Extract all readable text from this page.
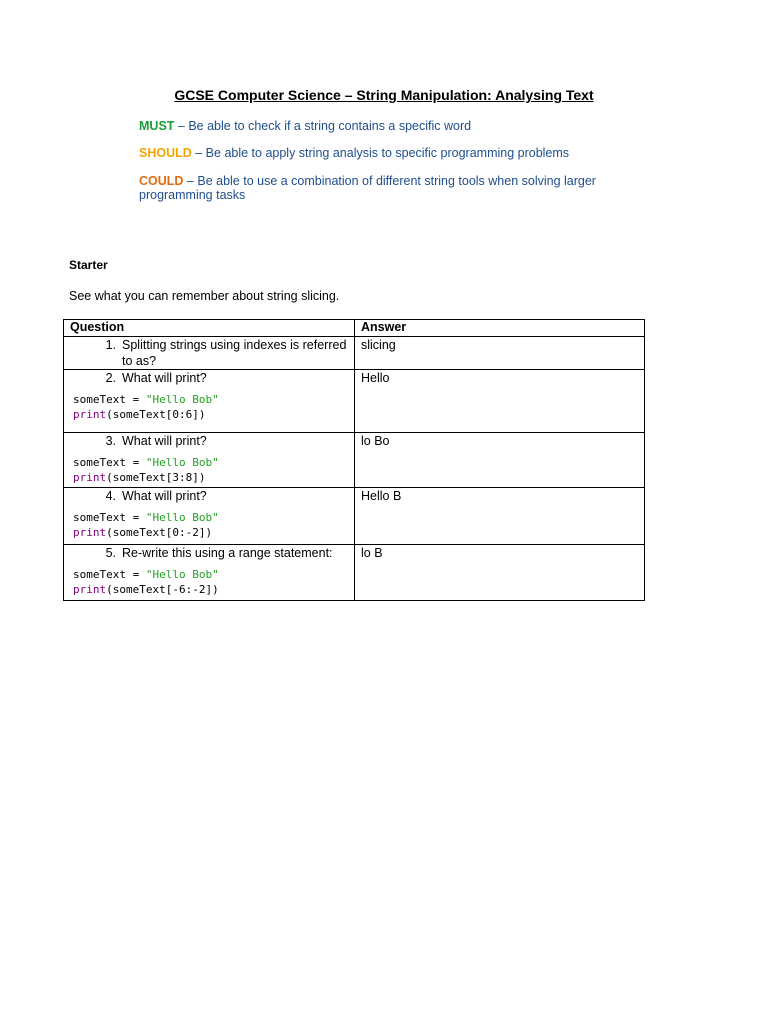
GCSE Computer Science – String Manipulation: Analysing Text
MUST – Be able to check if a string contains a specific word
SHOULD – Be able to apply string analysis to specific programming problems
COULD – Be able to use a combination of different string tools when solving larger programming tasks
Starter
See what you can remember about string slicing.
Question	Answer

1. Splitting strings using indexes is referred to as?	slicing

2. What will print?
someText = "Hello Bob"
print(someText[0:6])	Hello

3. What will print?
someText = "Hello Bob"
print(someText[3:8])	lo Bo

4. What will print?
someText = "Hello Bob"
print(someText[0:-2])	Hello B

5. Re-write this using a range statement:
someText = "Hello Bob"
print(someText[-6:-2])	lo B
